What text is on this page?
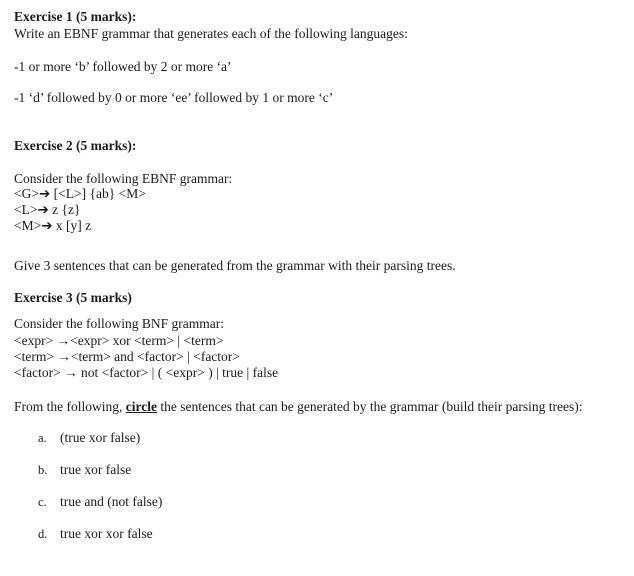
Exercise 1 (5 marks):
Write an EBNF grammar that generates each of the following languages:
-1 or more ‘b’ followed by 2 or more ‘a’
-1 ‘d’ followed by 0 or more ‘ee’ followed by 1 or more ‘c’
Exercise 2 (5 marks):
Consider the following EBNF grammar:
<G>➔ [<L>] {ab} <M>
<L>➔ z {z}
<M>➔ x [y] z
Give 3 sentences that can be generated from the grammar with their parsing trees.
Exercise 3 (5 marks)
Consider the following BNF grammar:
<expr> →<expr> xor <term> | <term>
<term> →<term> and <factor> | <factor>
<factor> → not <factor> | ( <expr> ) | true | false
From the following, circle the sentences that can be generated by the grammar (build their parsing trees):
a. (true xor false)
b. true xor false
c. true and (not false)
d. true xor xor false
